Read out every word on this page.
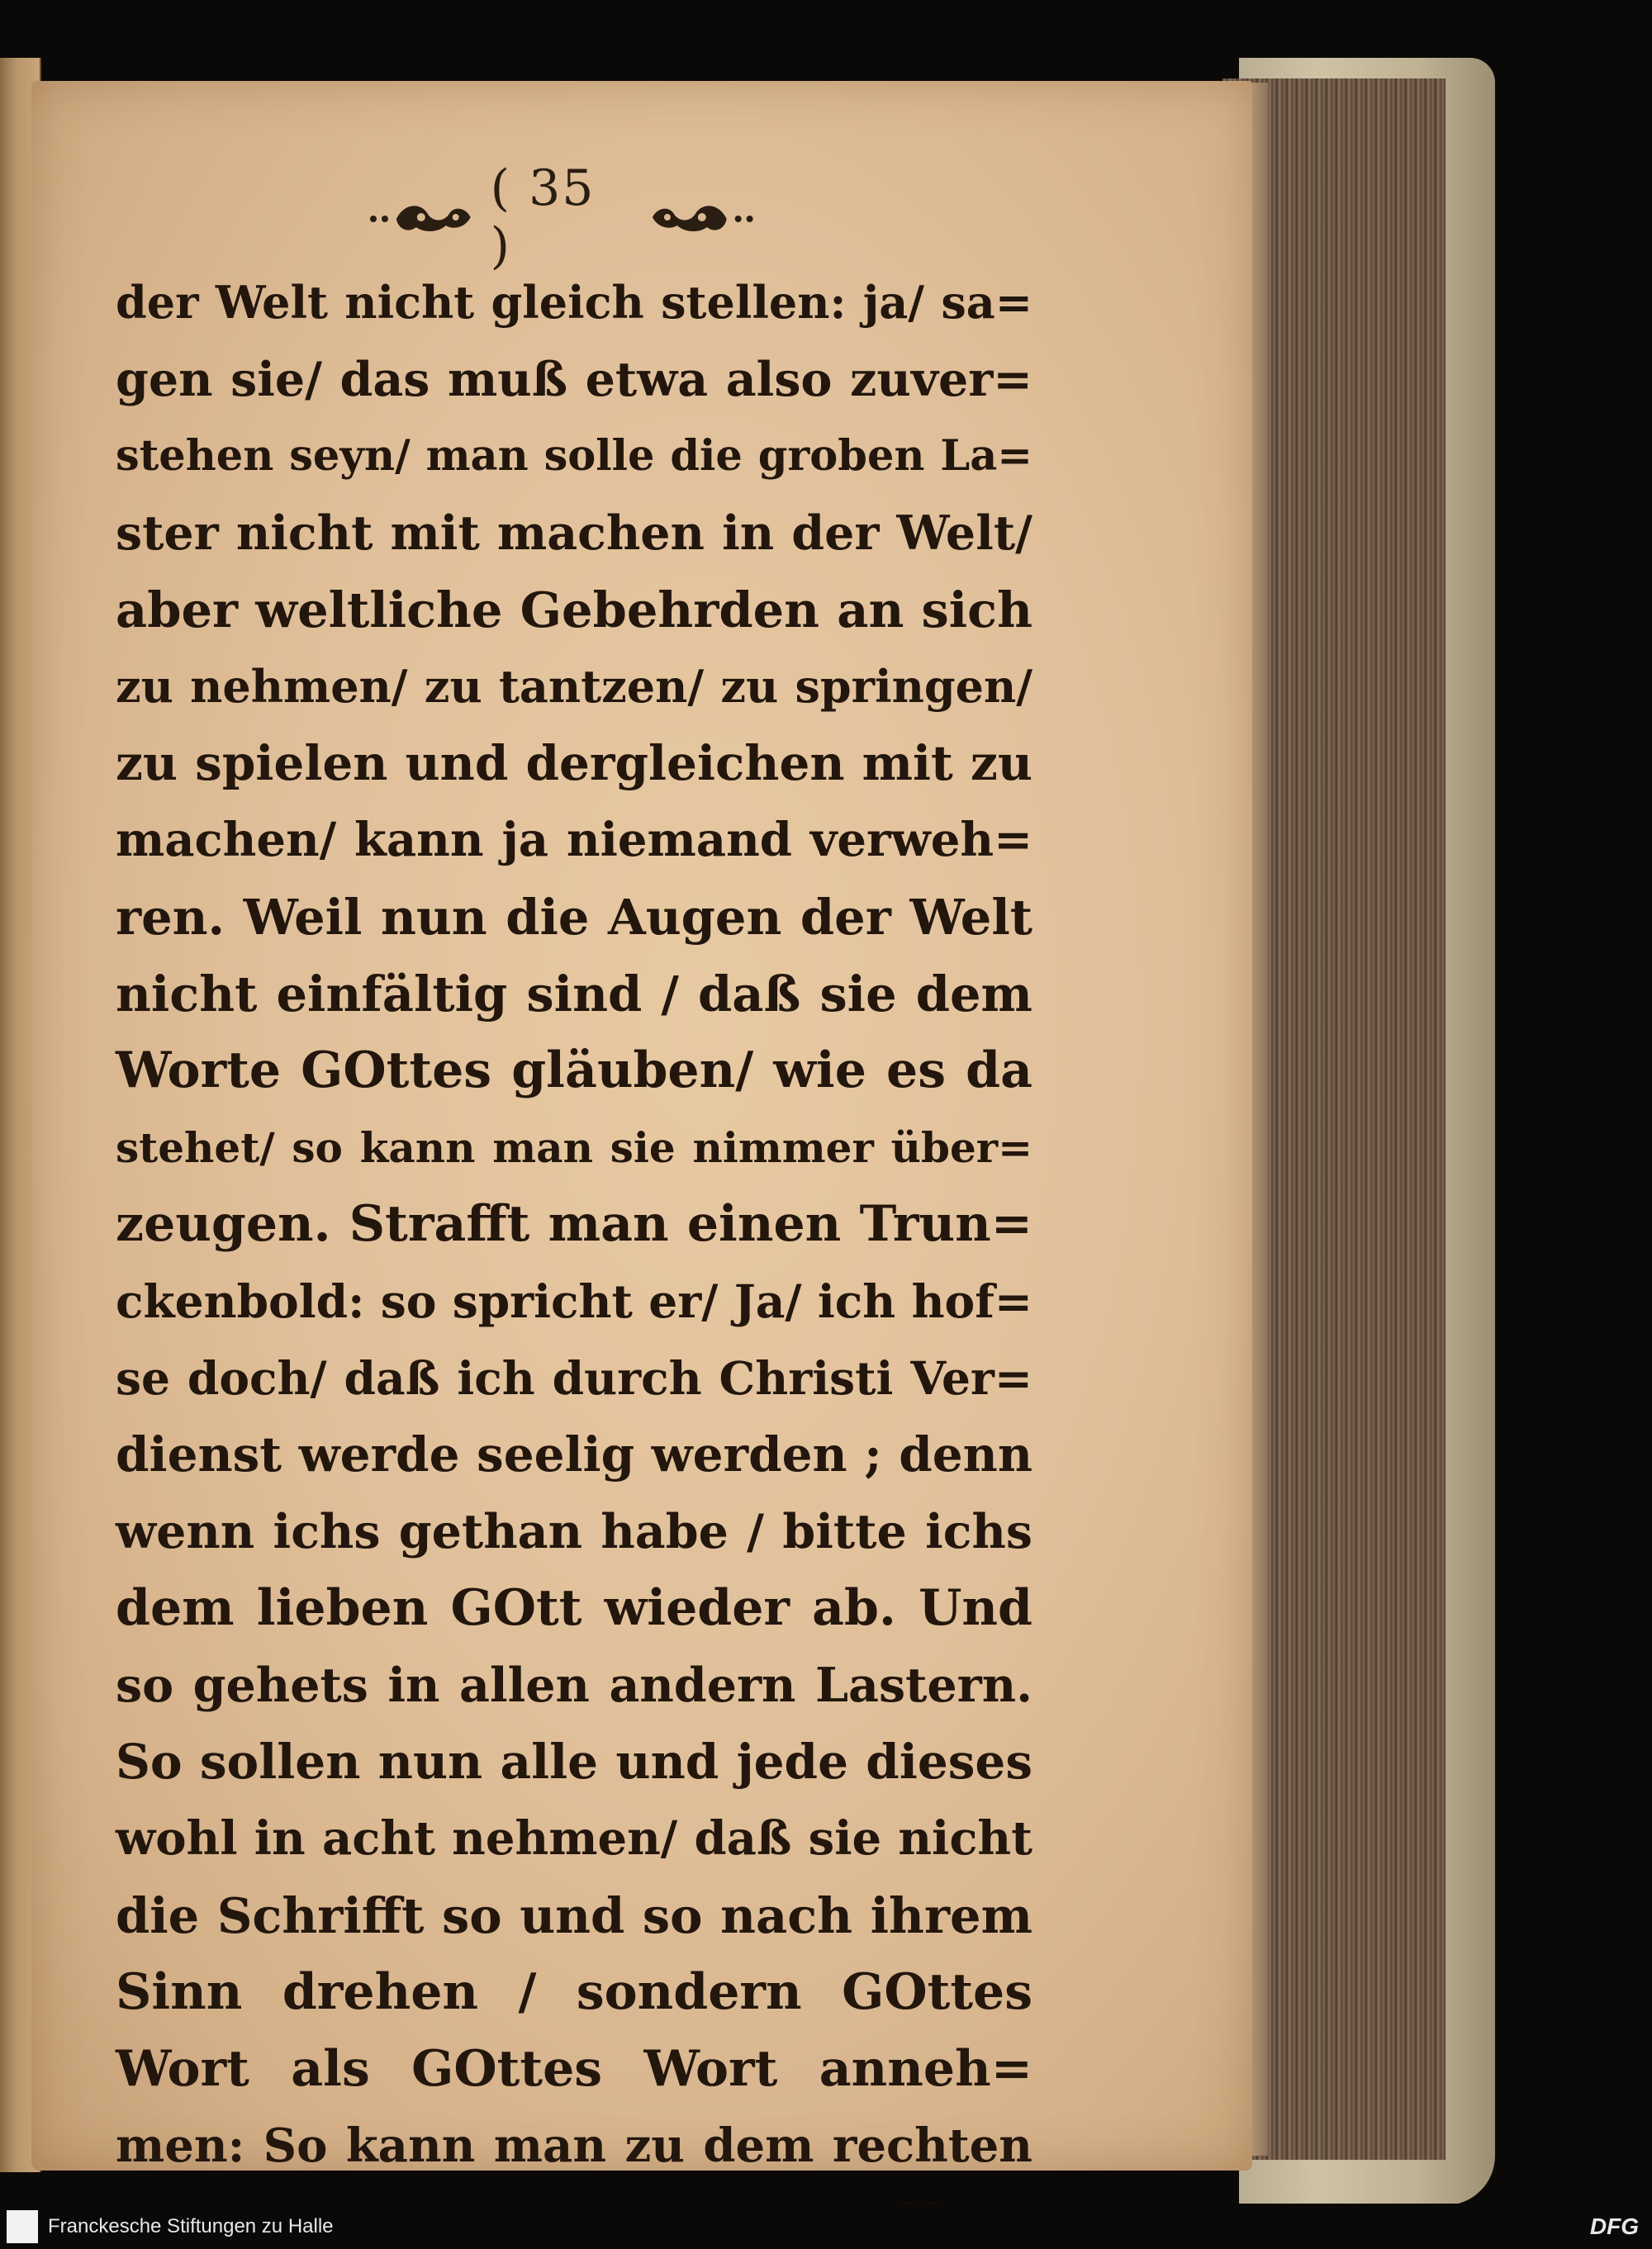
( 35 )
der Welt nicht gleich stellen: ja/ sa=
gen sie/ das muß etwa also zuver=
stehen seyn/ man solle die groben La=
ster nicht mit machen in der Welt/
aber weltliche Gebehrden an sich
zu nehmen/ zu tantzen/ zu springen/
zu spielen und dergleichen mit zu
machen/ kann ja niemand verweh=
ren. Weil nun die Augen der Welt
nicht einfältig sind / daß sie dem
Worte GOttes gläuben/ wie es da
stehet/ so kann man sie nimmer über=
zeugen. Strafft man einen Trun=
ckenbold: so spricht er/ Ja/ ich hof=
se doch/ daß ich durch Christi Ver=
dienst werde seelig werden ; denn
wenn ichs gethan habe / bitte ichs
dem lieben GOtt wieder ab. Und
so gehets in allen andern Lastern.
So sollen nun alle und jede dieses
wohl in acht nehmen/ daß sie nicht
die Schrifft so und so nach ihrem
Sinn drehen / sondern GOttes
Wort als GOttes Wort anneh=
men: So kann man zu dem rechten
Franckesche Stiftungen zu Halle	DFG
